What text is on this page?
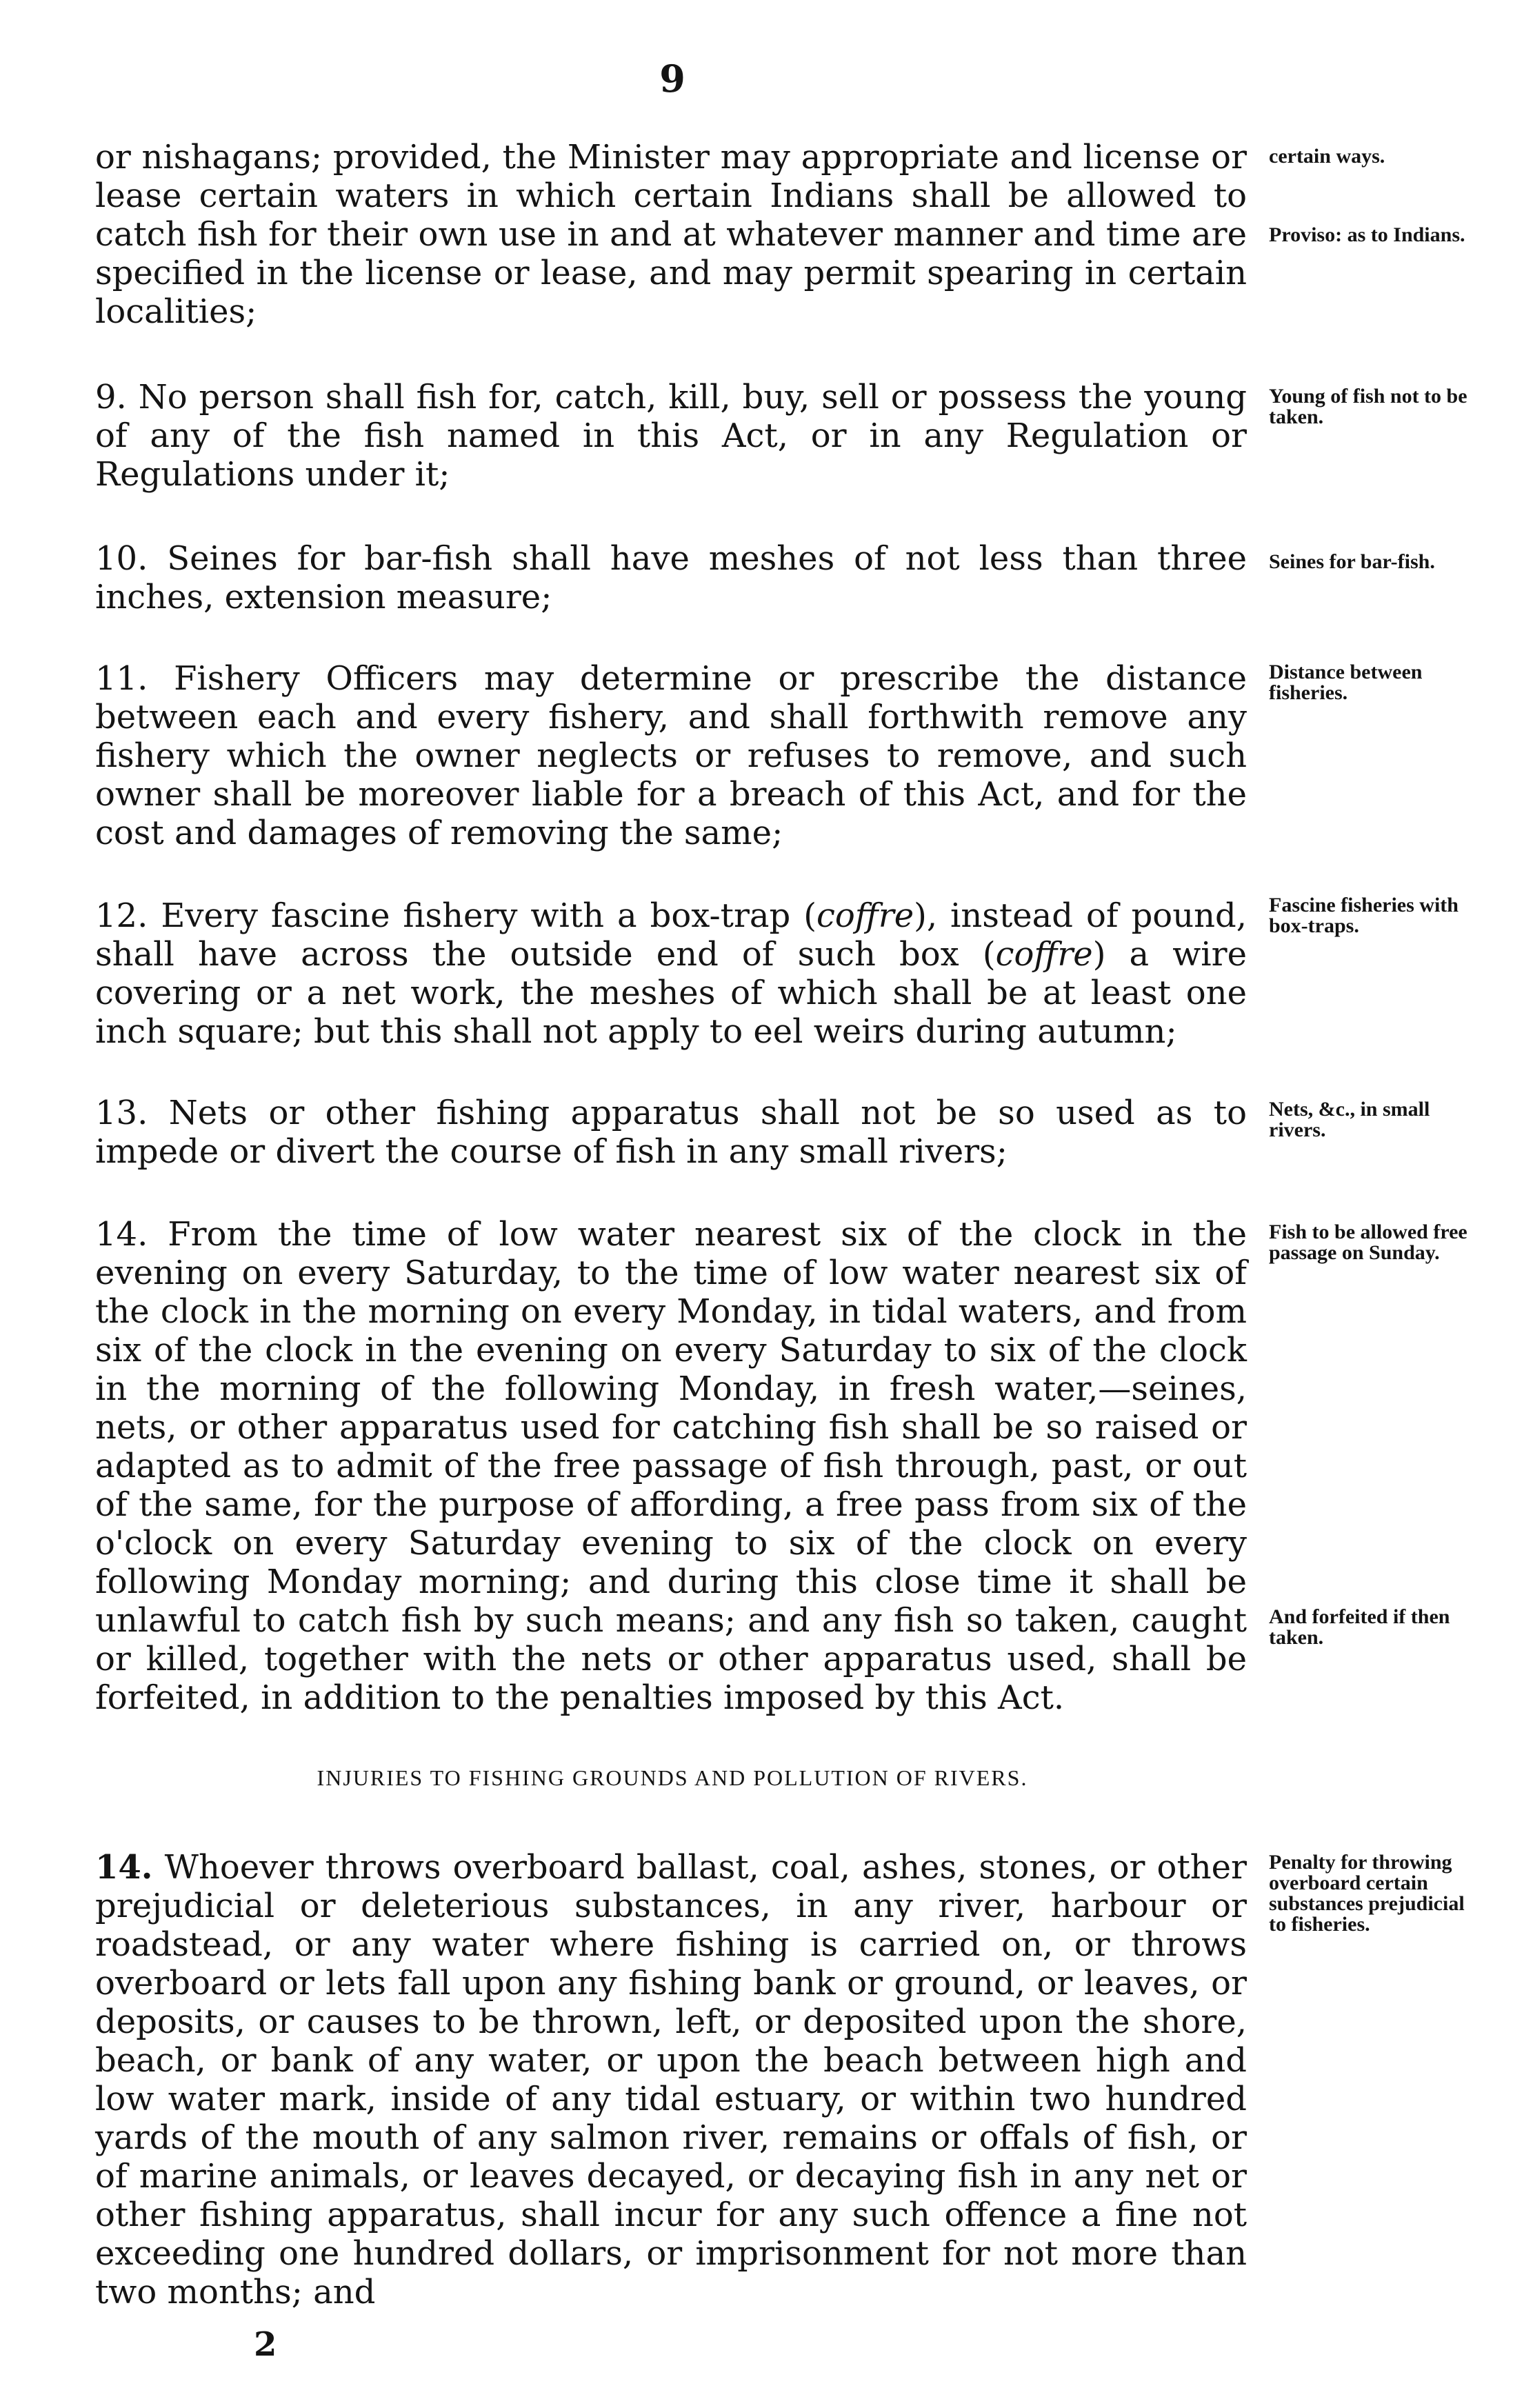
9
or nishagans; provided, the Minister may appropriate and license or lease certain waters in which certain Indians shall be allowed to catch fish for their own use in and at whatever manner and time are specified in the license or lease, and may permit spearing in certain localities;
certain ways.
Proviso: as to Indians.
9. No person shall fish for, catch, kill, buy, sell or possess the young of any of the fish named in this Act, or in any Regulation or Regulations under it;
Young of fish not to be taken.
10. Seines for bar-fish shall have meshes of not less than three inches, extension measure;
Seines for bar-fish.
11. Fishery Officers may determine or prescribe the distance between each and every fishery, and shall forthwith remove any fishery which the owner neglects or refuses to remove, and such owner shall be moreover liable for a breach of this Act, and for the cost and damages of removing the same;
Distance between fisheries.
12. Every fascine fishery with a box-trap (coffre), instead of pound, shall have across the outside end of such box (coffre) a wire covering or a net work, the meshes of which shall be at least one inch square; but this shall not apply to eel weirs during autumn;
Fascine fisheries with box-traps.
13. Nets or other fishing apparatus shall not be so used as to impede or divert the course of fish in any small rivers;
Nets, &c., in small rivers.
14. From the time of low water nearest six of the clock in the evening on every Saturday, to the time of low water nearest six of the clock in the morning on every Monday, in tidal waters, and from six of the clock in the evening on every Saturday to six of the clock in the morning of the following Monday, in fresh water,—seines, nets, or other apparatus used for catching fish shall be so raised or adapted as to admit of the free passage of fish through, past, or out of the same, for the purpose of affording, a free pass from six of the o'clock on every Saturday evening to six of the clock on every following Monday morning; and during this close time it shall be unlawful to catch fish by such means; and any fish so taken, caught or killed, together with the nets or other apparatus used, shall be forfeited, in addition to the penalties imposed by this Act.
Fish to be allowed free passage on Sunday.
And forfeited if then taken.
INJURIES TO FISHING GROUNDS AND POLLUTION OF RIVERS.
14. Whoever throws overboard ballast, coal, ashes, stones, or other prejudicial or deleterious substances, in any river, harbour or roadstead, or any water where fishing is carried on, or throws overboard or lets fall upon any fishing bank or ground, or leaves, or deposits, or causes to be thrown, left, or deposited upon the shore, beach, or bank of any water, or upon the beach between high and low water mark, inside of any tidal estuary, or within two hundred yards of the mouth of any salmon river, remains or offals of fish, or of marine animals, or leaves decayed, or decaying fish in any net or other fishing apparatus, shall incur for any such offence a fine not exceeding one hundred dollars, or imprisonment for not more than two months; and
Penalty for throwing overboard certain substances prejudicial to fisheries.
2
